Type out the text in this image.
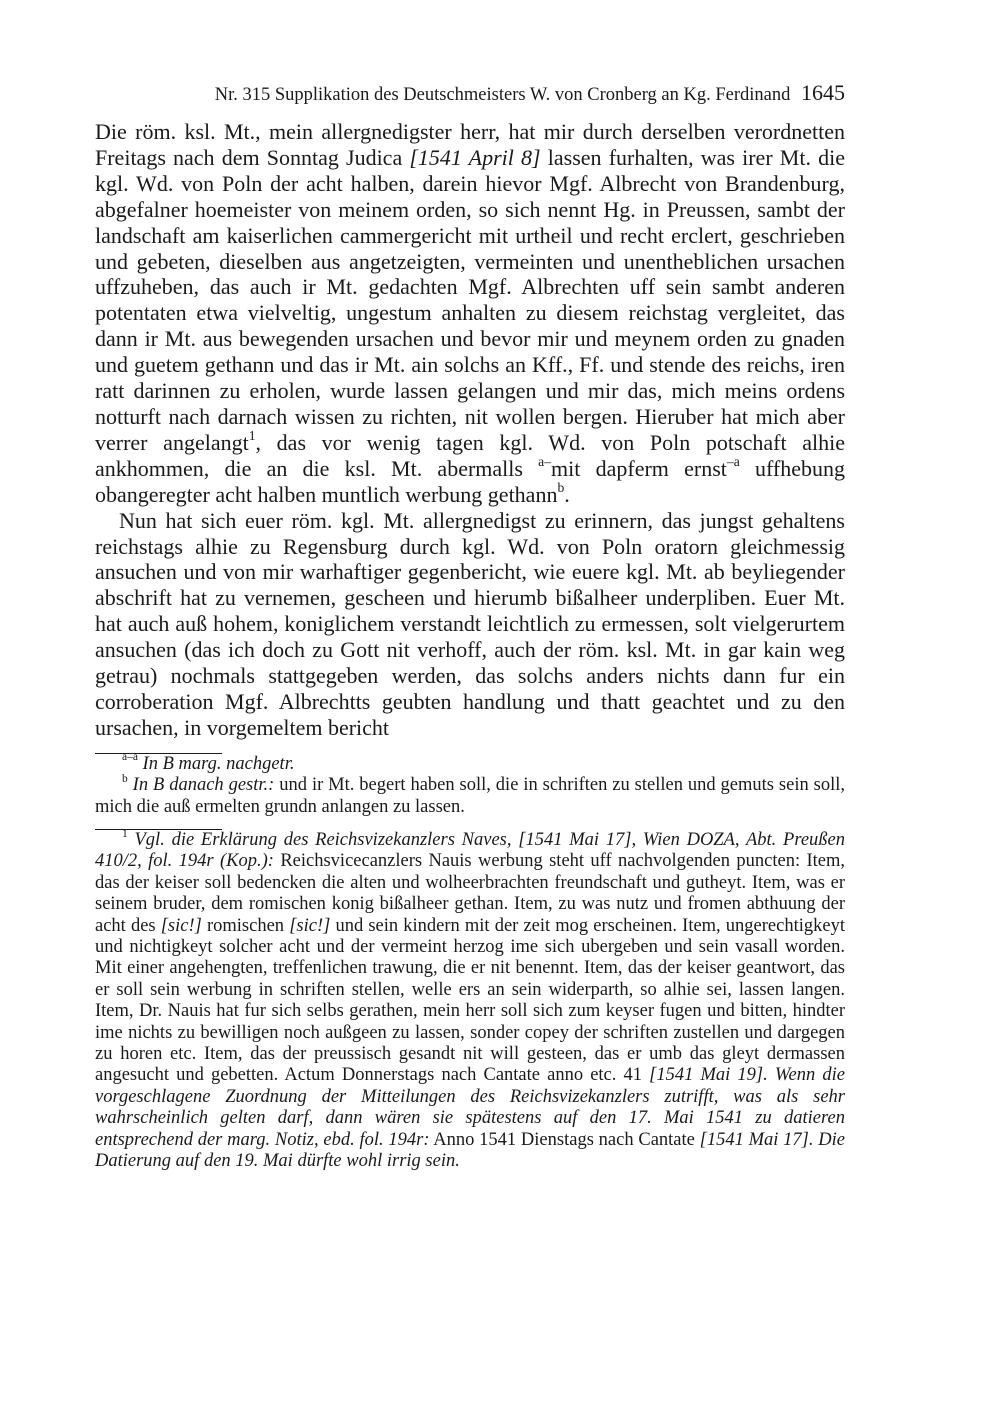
Nr. 315 Supplikation des Deutschmeisters W. von Cronberg an Kg. Ferdinand 1645

Die röm. ksl. Mt., mein allergnedigster herr, hat mir durch derselben verordnetten Freitags nach dem Sonntag Judica [1541 April 8] lassen furhalten, was irer Mt. die kgl. Wd. von Poln der acht halben, darein hievor Mgf. Albrecht von Brandenburg, abgefalner hoemeister von meinem orden, so sich nennt Hg. in Preussen, sambt der landschaft am kaiserlichen cammergericht mit urtheil und recht erclert, geschrieben und gebeten, dieselben aus angetzeigten, vermeinten und unentheblichen ursachen uffzuheben, das auch ir Mt. gedachten Mgf. Albrechten uff sein sambt anderen potentaten etwa vielveltig, ungestum anhalten zu diesem reichstag vergleitet, das dann ir Mt. aus bewegenden ursachen und bevor mir und meynem orden zu gnaden und guetem gethann und das ir Mt. ain solchs an Kff., Ff. und stende des reichs, iren ratt darinnen zu erholen, wurde lassen gelangen und mir das, mich meins ordens notturft nach darnach wissen zu richten, nit wollen bergen. Hieruber hat mich aber verrer angelangt$^1$, das vor wenig tagen kgl. Wd. von Poln potschaft alhie ankhommen, die an die ksl. Mt. abermalls $^{a-}$mit dapferm ernst$^{-a}$ uffhebung obangeregter acht halben muntlich werbung gethann$^b$.

Nun hat sich euer röm. kgl. Mt. allergnedigst zu erinnern, das jungst gehaltens reichstags alhie zu Regensburg durch kgl. Wd. von Poln oratorn gleichmessig ansuchen und von mir warhaftiger gegenbericht, wie euere kgl. Mt. ab beyliegender abschrift hat zu vernemen, gescheen und hierumb bißalheer underpliben. Euer Mt. hat auch auß hohem, koniglichem verstandt leichtlich zu ermessen, solt vielgerurtem ansuchen (das ich doch zu Gott nit verhoff, auch der röm. ksl. Mt. in gar kain weg getrau) nochmals stattgegeben werden, das solchs anders nichts dann fur ein corroberation Mgf. Albrechtts geubten handlung und thatt geachtet und zu den ursachen, in vorgemeltem bericht

$^{a-a}$ In B marg. nachgetr.

$^b$ In B danach gestr.: und ir Mt. begert haben soll, die in schriften zu stellen und gemuts sein soll, mich die auß ermelten grundn anlangen zu lassen.

$^1$ Vgl. die Erklärung des Reichsvizekanzlers Naves, [1541 Mai 17], Wien DOZA, Abt. Preußen 410/2, fol. 194r (Kop.): Reichsvicecanzlers Nauis werbung steht uff nachvolgenden puncten: Item, das der keiser soll bedencken die alten und wolheerbrachten freundschaft und gutheyt. Item, was er seinem bruder, dem romischen konig bißalheer gethan. Item, zu was nutz und fromen abthuung der acht des [sic!] romischen [sic!] und sein kindern mit der zeit mog erscheinen. Item, ungerechtigkeyt und nichtigkeyt solcher acht und der vermeint herzog ime sich ubergeben und sein vasall worden. Mit einer angehengten, treffenlichen trawung, die er nit benennt. Item, das der keiser geantwort, das er soll sein werbung in schriften stellen, welle ers an sein widerparth, so alhie sei, lassen langen. Item, Dr. Nauis hat fur sich selbs gerathen, mein herr soll sich zum keyser fugen und bitten, hindter ime nichts zu bewilligen noch außgeen zu lassen, sonder copey der schriften zustellen und dargegen zu horen etc. Item, das der preussisch gesandt nit will gesteen, das er umb das gleyt dermassen angesucht und gebetten. Actum Donnerstags nach Cantate anno etc. 41 [1541 Mai 19]. Wenn die vorgeschlagene Zuordnung der Mitteilungen des Reichsvizekanzlers zutrifft, was als sehr wahrscheinlich gelten darf, dann wären sie spätestens auf den 17. Mai 1541 zu datieren entsprechend der marg. Notiz, ebd. fol. 194r: Anno 1541 Dienstags nach Cantate [1541 Mai 17]. Die Datierung auf den 19. Mai dürfte wohl irrig sein.
